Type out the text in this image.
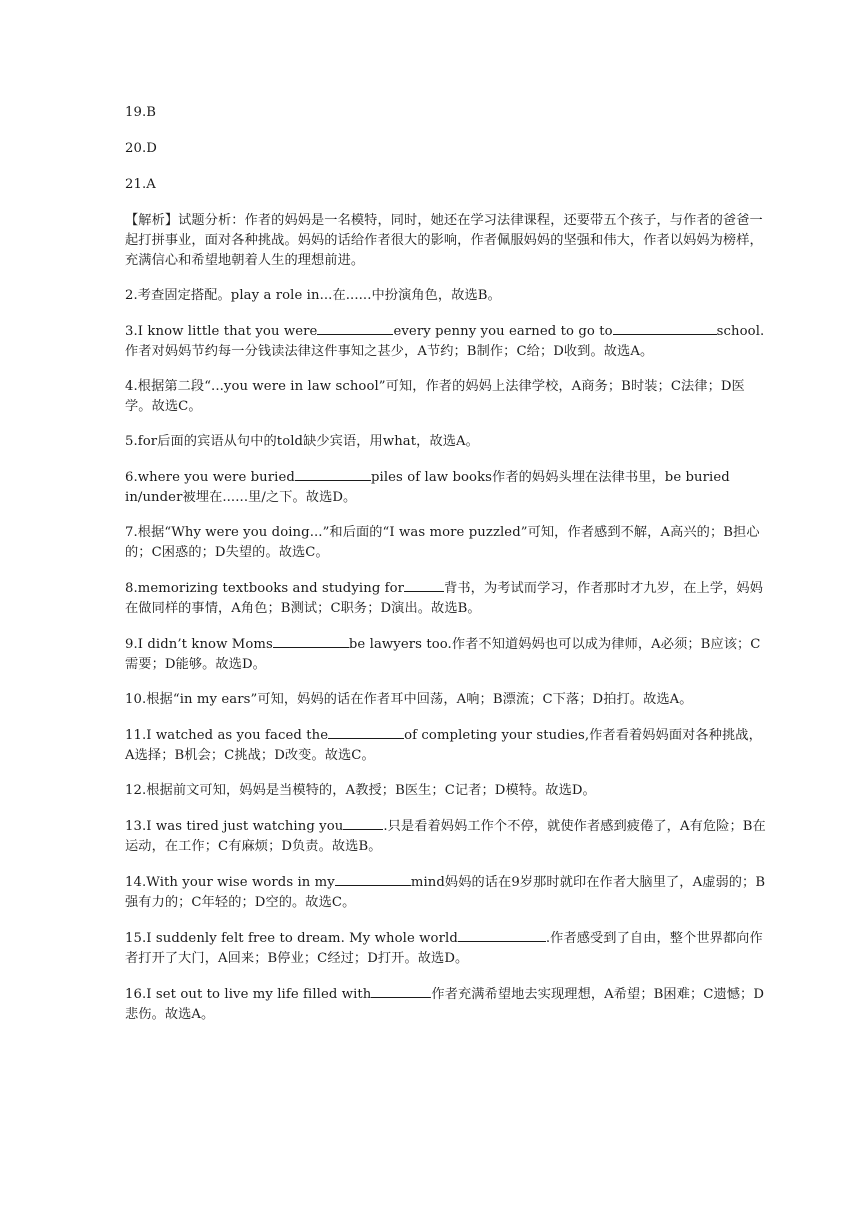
19.B

20.D

21.A

【解析】试题分析：作者的妈妈是一名模特，同时，她还在学习法律课程，还要带五个孩子，与作者的爸爸一起打拼事业，面对各种挑战。妈妈的话给作者很大的影响，作者佩服妈妈的坚强和伟大，作者以妈妈为榜样，充满信心和希望地朝着人生的理想前进。

2.考查固定搭配。play a role in...在......中扮演角色，故选B。

3.I know little that you were	every penny you earned to go to	school.作者对妈妈节约每一分钱读法律这件事知之甚少，A节约；B制作；C给；D收到。故选A。

4.根据第二段“...you were in law school”可知，作者的妈妈上法律学校，A商务；B时装；C法律；D医学。故选C。

5.for后面的宾语从句中的told缺少宾语，用what，故选A。

6.where you were buried	piles of law books作者的妈妈头埋在法律书里，be buried in/under被埋在......里/之下。故选D。

7.根据“Why were you doing...”和后面的“I was more puzzled”可知，作者感到不解，A高兴的；B担心的；C困惑的；D失望的。故选C。

8.memorizing textbooks and studying for	背书，为考试而学习，作者那时才九岁，在上学，妈妈在做同样的事情，A角色；B测试；C职务；D演出。故选B。

9.I didn’t know Moms	be lawyers too.作者不知道妈妈也可以成为律师，A必须；B应该；C需要；D能够。故选D。

10.根据“in my ears”可知，妈妈的话在作者耳中回荡，A响；B漂流；C下落；D拍打。故选A。

11.I watched as you faced the	of completing your studies,作者看着妈妈面对各种挑战，A选择；B机会；C挑战；D改变。故选C。

12.根据前文可知，妈妈是当模特的，A教授；B医生；C记者；D模特。故选D。

13.I was tired just watching you	.只是看着妈妈工作个不停，就使作者感到疲倦了，A有危险；B在运动，在工作；C有麻烦；D负责。故选B。

14.With your wise words in my	mind妈妈的话在9岁那时就印在作者大脑里了，A虚弱的；B强有力的；C年轻的；D空的。故选C。

15.I suddenly felt free to dream. My whole world	.作者感受到了自由，整个世界都向作者打开了大门，A回来；B停业；C经过；D打开。故选D。

16.I set out to live my life filled with	作者充满希望地去实现理想，A希望；B困难；C遗憾；D悲伤。故选A。
